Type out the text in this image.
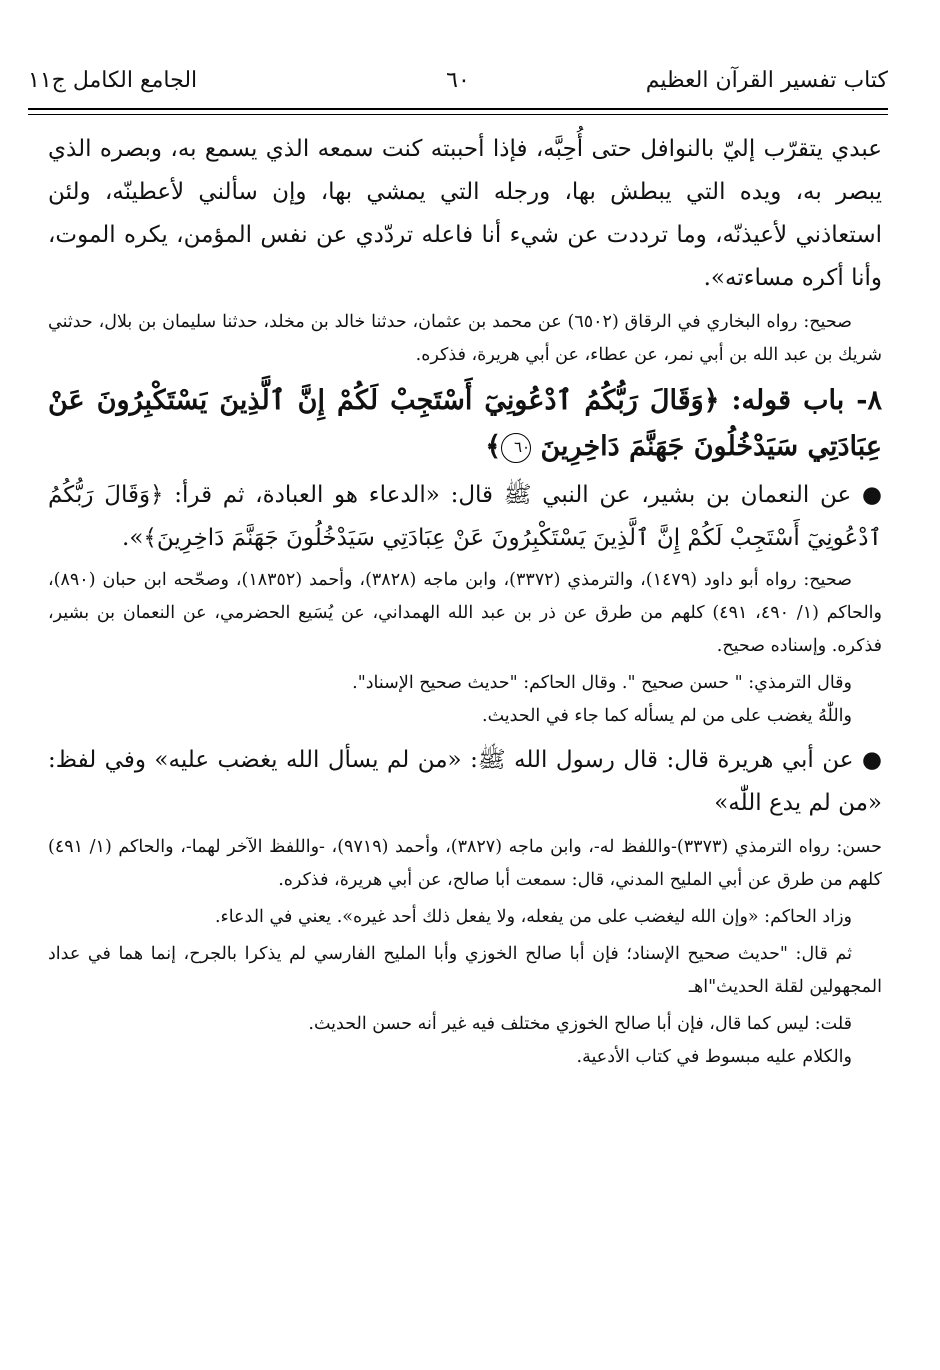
كتاب تفسير القرآن العظيم
٦٠
الجامع الكامل ج١١

عبدي يتقرّب إليّ بالنوافل حتى أُحِبَّه، فإذا أحببته كنت سمعه الذي يسمع به، وبصره الذي يبصر به، ويده التي يبطش بها، ورجله التي يمشي بها، وإن سألني لأعطينّه، ولئن استعاذني لأعيذنّه، وما ترددت عن شيء أنا فاعله تردّدي عن نفس المؤمن، يكره الموت، وأنا أكره مساءته».

صحيح: رواه البخاري في الرقاق (٦٥٠٢) عن محمد بن عثمان، حدثنا خالد بن مخلد، حدثنا سليمان بن بلال، حدثني شريك بن عبد الله بن أبي نمر، عن عطاء، عن أبي هريرة، فذكره.

٨- باب قوله: ﴿وَقَالَ رَبُّكُمُ ٱدْعُونِيٓ أَسْتَجِبْ لَكُمْ إِنَّ ٱلَّذِينَ يَسْتَكْبِرُونَ عَنْ عِبَادَتِي سَيَدْخُلُونَ جَهَنَّمَ دَاخِرِينَ ٦٠﴾

● عن النعمان بن بشير، عن النبي ﷺ قال: «الدعاء هو العبادة، ثم قرأ: ﴿وَقَالَ رَبُّكُمُ ٱدْعُونِيٓ أَسْتَجِبْ لَكُمْ إِنَّ ٱلَّذِينَ يَسْتَكْبِرُونَ عَنْ عِبَادَتِي سَيَدْخُلُونَ جَهَنَّمَ دَاخِرِينَ﴾».

صحيح: رواه أبو داود (١٤٧٩)، والترمذي (٣٣٧٢)، وابن ماجه (٣٨٢٨)، وأحمد (١٨٣٥٢)، وصحّحه ابن حبان (٨٩٠)، والحاكم (١/ ٤٩٠، ٤٩١) كلهم من طرق عن ذر بن عبد الله الهمداني، عن يُسَيع الحضرمي، عن النعمان بن بشير، فذكره. وإسناده صحيح.

وقال الترمذي: " حسن صحيح ". وقال الحاكم: "حديث صحيح الإسناد".

واللّٰهُ يغضب على من لم يسأله كما جاء في الحديث.

● عن أبي هريرة قال: قال رسول الله ﷺ: «من لم يسأل الله يغضب عليه» وفي لفظ: «من لم يدع اللّٰه»

حسن: رواه الترمذي (٣٣٧٣)-واللفظ له-، وابن ماجه (٣٨٢٧)، وأحمد (٩٧١٩)، -واللفظ الآخر لهما-، والحاكم (١/ ٤٩١) كلهم من طرق عن أبي المليح المدني، قال: سمعت أبا صالح، عن أبي هريرة، فذكره.

وزاد الحاكم: «وإن الله ليغضب على من يفعله، ولا يفعل ذلك أحد غيره». يعني في الدعاء.

ثم قال: "حديث صحيح الإسناد؛ فإن أبا صالح الخوزي وأبا المليح الفارسي لم يذكرا بالجرح، إنما هما في عداد المجهولين لقلة الحديث"اهـ

قلت: ليس كما قال، فإن أبا صالح الخوزي مختلف فيه غير أنه حسن الحديث.

والكلام عليه مبسوط في كتاب الأدعية.
